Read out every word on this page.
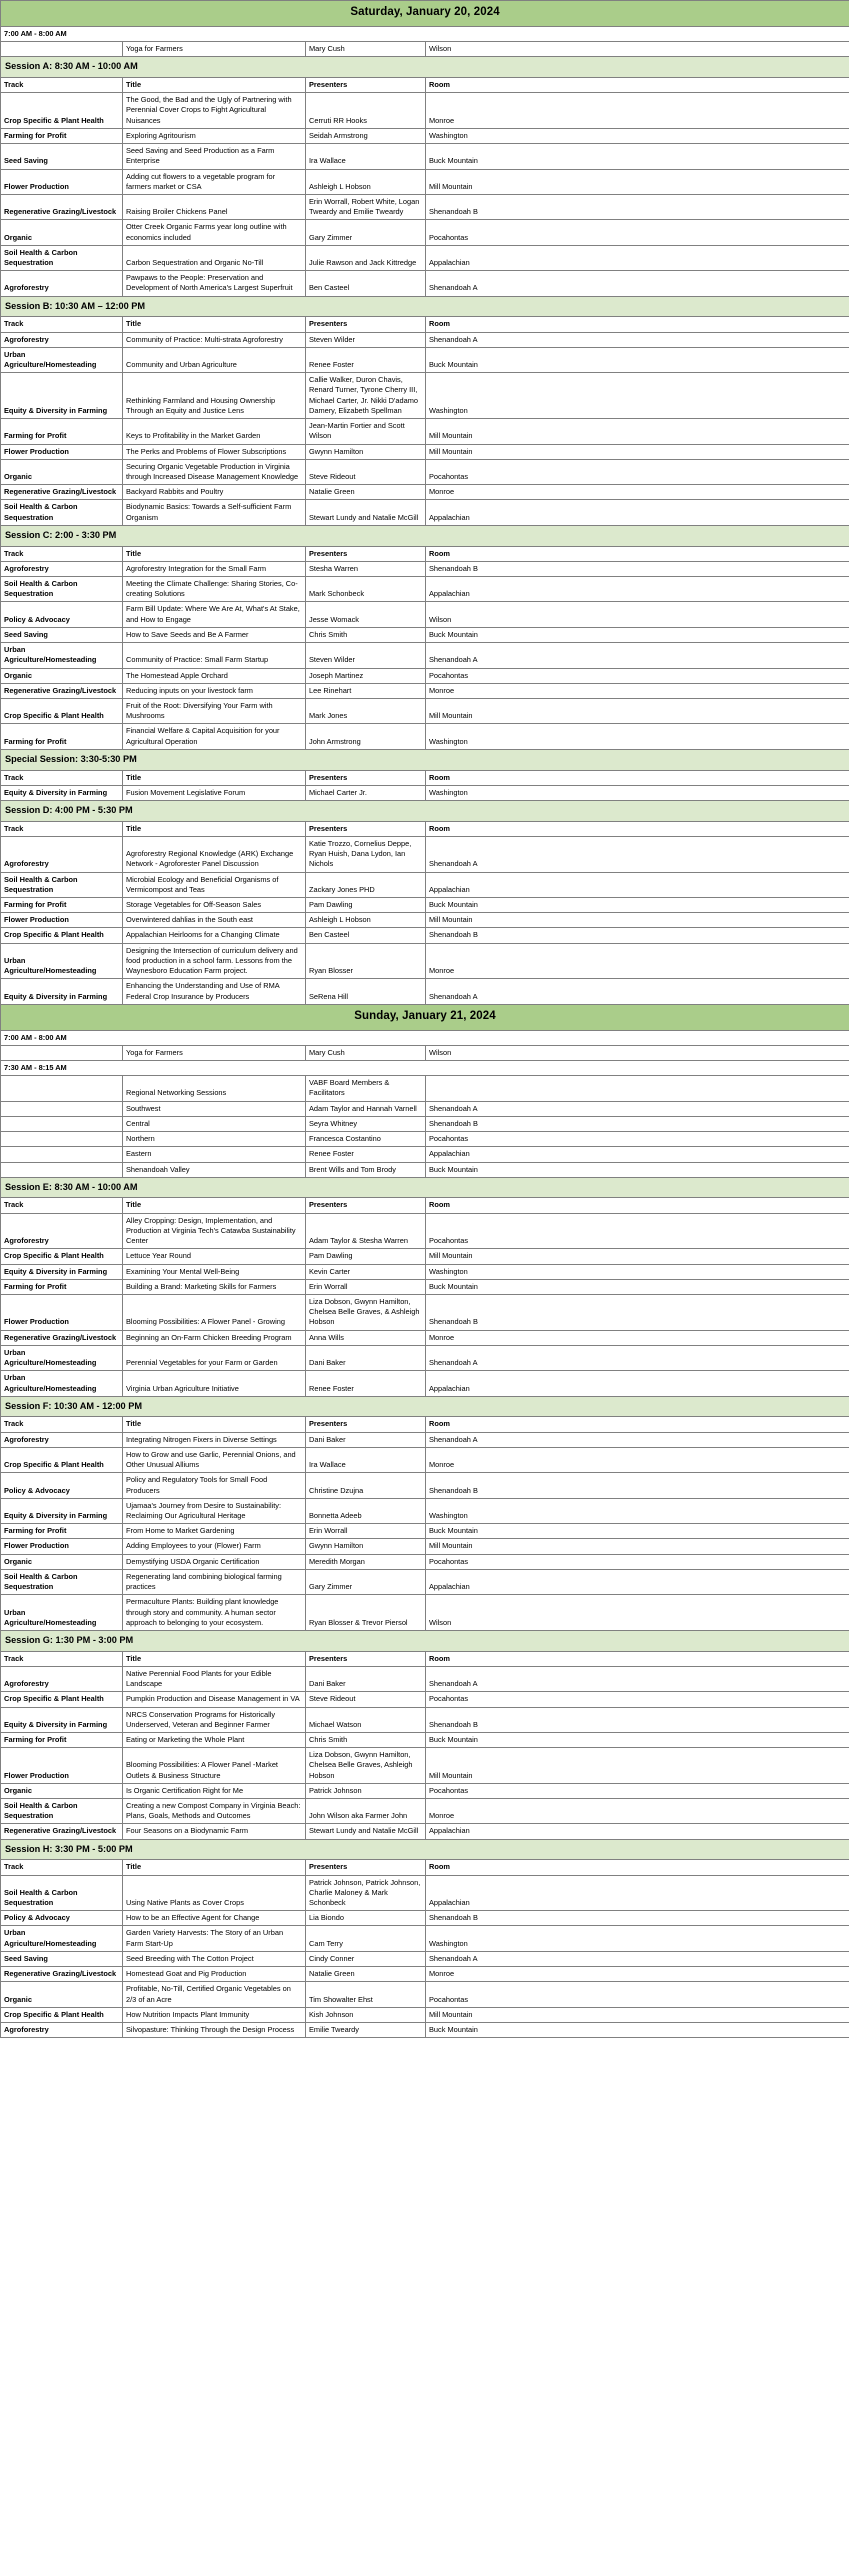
Saturday, January 20, 2024			
7:00 AM - 8:00 AM			
	Yoga for Farmers	Mary Cush	Wilson
Session A: 8:30 AM - 10:00 AM			
Track	Title	Presenters	Room
Crop Specific & Plant Health	The Good, the Bad and the Ugly of Partnering with Perennial Cover Crops to Fight Agricultural Nuisances	Cerruti RR Hooks	Monroe
Farming for Profit	Exploring Agritourism	Seidah Armstrong	Washington
Seed Saving	Seed Saving and Seed Production as a Farm Enterprise	Ira Wallace	Buck Mountain
Flower Production	Adding cut flowers to a vegetable program for farmers market or CSA	Ashleigh L Hobson	Mill Mountain
Regenerative Grazing/Livestock	Raising Broiler Chickens Panel	Erin Worrall, Robert White, Logan Tweardy and Emilie Tweardy	Shenandoah B
Organic	Otter Creek Organic Farms year long outline with economics included	Gary Zimmer	Pocahontas
Soil Health & Carbon Sequestration	Carbon Sequestration and Organic No-Till	Julie Rawson and Jack Kittredge	Appalachian
Agroforestry	Pawpaws to the People: Preservation and Development of North America's Largest Superfruit	Ben Casteel	Shenandoah A
Session B: 10:30 AM – 12:00 PM			
Track	Title	Presenters	Room
Agroforestry	Community of Practice: Multi-strata Agroforestry	Steven Wilder	Shenandoah A
Urban Agriculture/Homesteading	Community and Urban Agriculture	Renee Foster	Buck Mountain
Equity & Diversity in Farming	Rethinking Farmland and Housing Ownership Through an Equity and Justice Lens	Callie Walker, Duron Chavis, Renard Turner, Tyrone Cherry III, Michael Carter, Jr. Nikki D'adamo Damery, Elizabeth Spellman	Washington
Farming for Profit	Keys to Profitability in the Market Garden	Jean-Martin Fortier and Scott Wilson	Mill Mountain
Flower Production	The Perks and Problems of Flower Subscriptions	Gwynn Hamilton	Mill Mountain
Organic	Securing Organic Vegetable Production in Virginia through Increased Disease Management Knowledge	Steve Rideout	Pocahontas
Regenerative Grazing/Livestock	Backyard Rabbits and Poultry	Natalie Green	Monroe
Soil Health & Carbon Sequestration	Biodynamic Basics: Towards a Self-sufficient Farm Organism	Stewart Lundy and Natalie McGill	Appalachian
Session C: 2:00 - 3:30 PM			
Track	Title	Presenters	Room
Agroforestry	Agroforestry Integration for the Small Farm	Stesha Warren	Shenandoah B
Soil Health & Carbon Sequestration	Meeting the Climate Challenge: Sharing Stories, Co-creating Solutions	Mark Schonbeck	Appalachian
Policy & Advocacy	Farm Bill Update: Where We Are At, What's At Stake, and How to Engage	Jesse Womack	Wilson
Seed Saving	How to Save Seeds and Be A Farmer	Chris Smith	Buck Mountain
Urban Agriculture/Homesteading	Community of Practice: Small Farm Startup	Steven Wilder	Shenandoah A
Organic	The Homestead Apple Orchard	Joseph Martinez	Pocahontas
Regenerative Grazing/Livestock	Reducing inputs on your livestock farm	Lee Rinehart	Monroe
Crop Specific & Plant Health	Fruit of the Root: Diversifying Your Farm with Mushrooms	Mark Jones	Mill Mountain
Farming for Profit	Financial Welfare & Capital Acquisition for your Agricultural Operation	John Armstrong	Washington
Special Session: 3:30-5:30 PM			
Track	Title	Presenters	Room
Equity & Diversity in Farming	Fusion Movement Legislative Forum	Michael Carter Jr.	Washington
Session D: 4:00 PM - 5:30 PM			
Track	Title	Presenters	Room
Agroforestry	Agroforestry Regional Knowledge (ARK) Exchange Network - Agroforester Panel Discussion	Katie Trozzo, Cornelius Deppe, Ryan Huish, Dana Lydon, Ian Nichols	Shenandoah A
Soil Health & Carbon Sequestration	Microbial Ecology and Beneficial Organisms of Vermicompost and Teas	Zackary Jones PHD	Appalachian
Farming for Profit	Storage Vegetables for Off-Season Sales	Pam Dawling	Buck Mountain
Flower Production	Overwintered dahlias in the South east	Ashleigh L Hobson	Mill Mountain
Crop Specific & Plant Health	Appalachian Heirlooms for a Changing Climate	Ben Casteel	Shenandoah B
Urban Agriculture/Homesteading	Designing the Intersection of curriculum delivery and food production in a school farm. Lessons from the Waynesboro Education Farm project.	Ryan Blosser	Monroe
Equity & Diversity in Farming	Enhancing the Understanding and Use of RMA Federal Crop Insurance by Producers	SeRena Hill	Shenandoah A
Sunday, January 21, 2024			
7:00 AM - 8:00 AM			
	Yoga for Farmers	Mary Cush	Wilson
7:30 AM - 8:15 AM			
	Regional Networking Sessions	VABF Board Members & Facilitators	
	Southwest	Adam Taylor and Hannah Varnell	Shenandoah A
	Central	Seyra Whitney	Shenandoah B
	Northern	Francesca Costantino	Pocahontas
	Eastern	Renee Foster	Appalachian
	Shenandoah Valley	Brent Wills and Tom Brody	Buck Mountain
Session E: 8:30 AM - 10:00 AM			
Track	Title	Presenters	Room
Agroforestry	Alley Cropping: Design, Implementation, and Production at Virginia Tech's Catawba Sustainability Center	Adam Taylor & Stesha Warren	Pocahontas
Crop Specific & Plant Health	Lettuce Year Round	Pam Dawling	Mill Mountain
Equity & Diversity in Farming	Examining Your Mental Well-Being	Kevin Carter	Washington
Farming for Profit	Building a Brand: Marketing Skills for Farmers	Erin Worrall	Buck Mountain
Flower Production	Blooming Possibilities: A Flower Panel - Growing	Liza Dobson, Gwynn Hamilton, Chelsea Belle Graves, & Ashleigh Hobson	Shenandoah B
Regenerative Grazing/Livestock	Beginning an On-Farm Chicken Breeding Program	Anna Wills	Monroe
Urban Agriculture/Homesteading	Perennial Vegetables for your Farm or Garden	Dani Baker	Shenandoah A
Urban Agriculture/Homesteading	Virginia Urban Agriculture Initiative	Renee Foster	Appalachian
Session F: 10:30 AM - 12:00 PM			
Track	Title	Presenters	Room
Agroforestry	Integrating Nitrogen Fixers in Diverse Settings	Dani Baker	Shenandoah A
Crop Specific & Plant Health	How to Grow and use Garlic, Perennial Onions, and Other Unusual Alliums	Ira Wallace	Monroe
Policy & Advocacy	Policy and Regulatory Tools for Small Food Producers	Christine Dzujna	Shenandoah B
Equity & Diversity in Farming	Ujamaa's Journey from Desire to Sustainability: Reclaiming Our Agricultural Heritage	Bonnetta Adeeb	Washington
Farming for Profit	From Home to Market Gardening	Erin Worrall	Buck Mountain
Flower Production	Adding Employees to your (Flower) Farm	Gwynn Hamilton	Mill Mountain
Organic	Demystifying USDA Organic Certification	Meredith Morgan	Pocahontas
Soil Health & Carbon Sequestration	Regenerating land combining biological farming practices	Gary Zimmer	Appalachian
Urban Agriculture/Homesteading	Permaculture Plants: Building plant knowledge through story and community. A human sector approach to belonging to your ecosystem.	Ryan Blosser & Trevor Piersol	Wilson
Session G: 1:30 PM - 3:00 PM			
Track	Title	Presenters	Room
Agroforestry	Native Perennial Food Plants for your Edible Landscape	Dani Baker	Shenandoah A
Crop Specific & Plant Health	Pumpkin Production and Disease Management in VA	Steve Rideout	Pocahontas
Equity & Diversity in Farming	NRCS Conservation Programs for Historically Underserved, Veteran and Beginner Farmer	Michael Watson	Shenandoah B
Farming for Profit	Eating or Marketing the Whole Plant	Chris Smith	Buck Mountain
Flower Production	Blooming Possibilities: A Flower Panel -Market Outlets & Business Structure	Liza Dobson, Gwynn Hamilton, Chelsea Belle Graves, Ashleigh Hobson	Mill Mountain
Organic	Is Organic Certification Right for Me	Patrick Johnson	Pocahontas
Soil Health & Carbon Sequestration	Creating a new Compost Company in Virginia Beach: Plans, Goals, Methods and Outcomes	John Wilson aka Farmer John	Monroe
Regenerative Grazing/Livestock	Four Seasons on a Biodynamic Farm	Stewart Lundy and Natalie McGill	Appalachian
Session H: 3:30 PM - 5:00 PM			
Track	Title	Presenters	Room
Soil Health & Carbon Sequestration	Using Native Plants as Cover Crops	Patrick Johnson, Patrick Johnson, Charlie Maloney & Mark Schonbeck	Appalachian
Policy & Advocacy	How to be an Effective Agent for Change	Lia Biondo	Shenandoah B
Urban Agriculture/Homesteading	Garden Variety Harvests: The Story of an Urban Farm Start-Up	Cam Terry	Washington
Seed Saving	Seed Breeding with The Cotton Project	Cindy Conner	Shenandoah A
Regenerative Grazing/Livestock	Homestead Goat and Pig Production	Natalie Green	Monroe
Organic	Profitable, No-Till, Certified Organic Vegetables on 2/3 of an Acre	Tim Showalter Ehst	Pocahontas
Crop Specific & Plant Health	How Nutrition Impacts Plant Immunity	Kish Johnson	Mill Mountain
Agroforestry	Silvopasture: Thinking Through the Design Process	Emilie Tweardy	Buck Mountain
